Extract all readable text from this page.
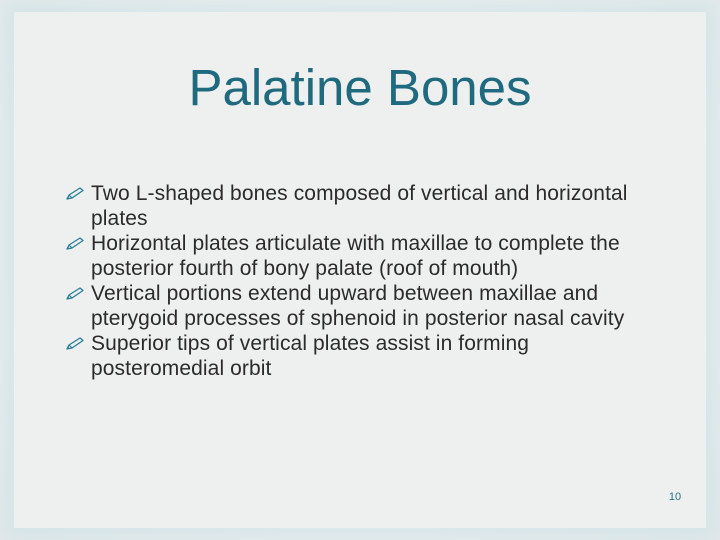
Palatine Bones
Two L-shaped bones composed of vertical and horizontal plates
Horizontal plates articulate with maxillae to complete the posterior fourth of bony palate (roof of mouth)
Vertical portions extend upward between maxillae and pterygoid processes of sphenoid in posterior nasal cavity
Superior tips of vertical plates assist in forming posteromedial orbit
10
